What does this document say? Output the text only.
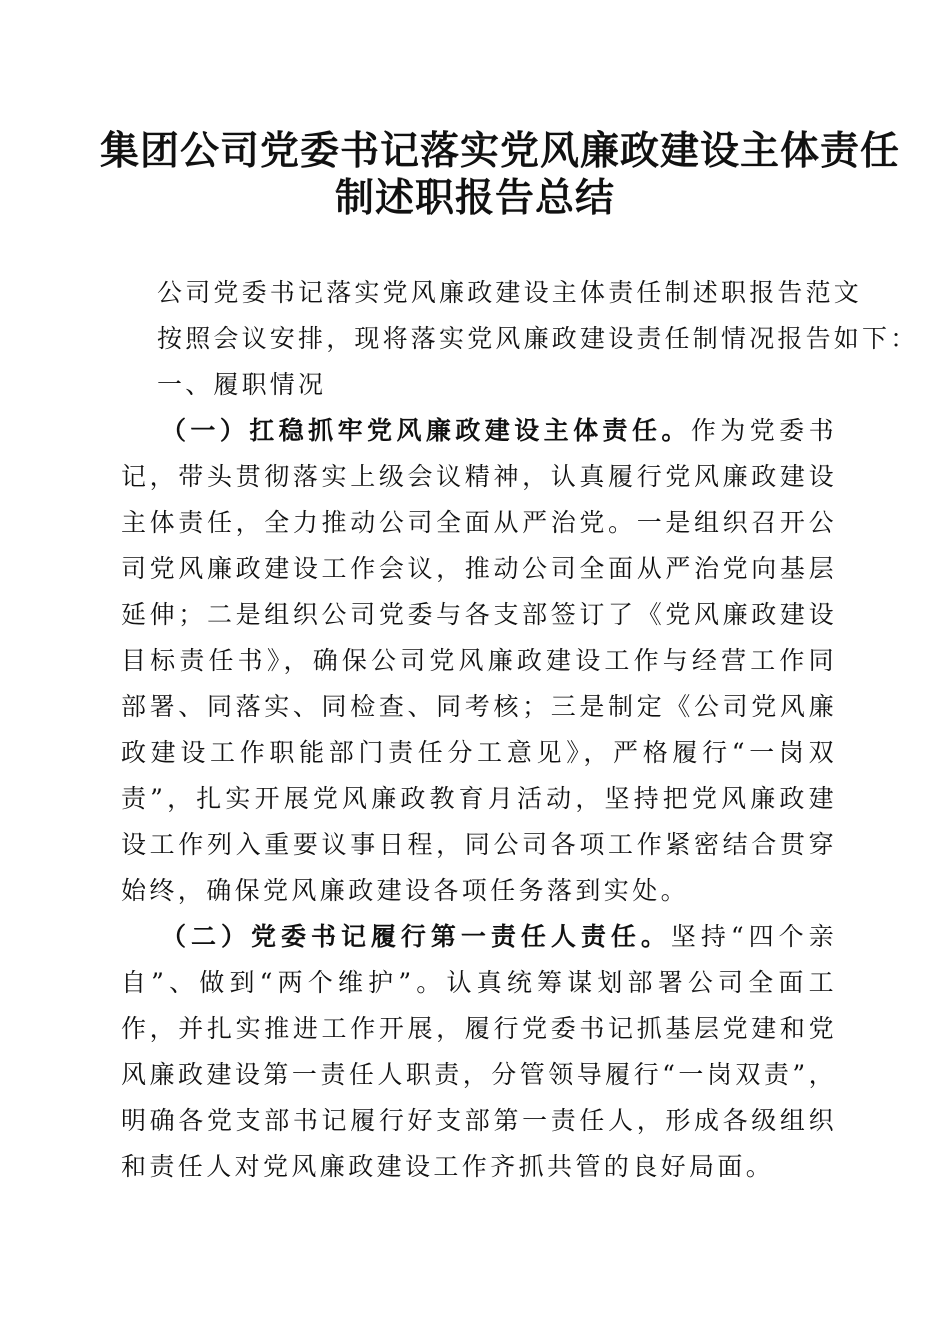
集团公司党委书记落实党风廉政建设主体责任
制述职报告总结

公司党委书记落实党风廉政建设主体责任制述职报告范文

按照会议安排，现将落实党风廉政建设责任制情况报告如下：

一、履职情况

（一）扛稳抓牢党风廉政建设主体责任。作为党委书记，带头贯彻落实上级会议精神，认真履行党风廉政建设主体责任，全力推动公司全面从严治党。一是组织召开公司党风廉政建设工作会议，推动公司全面从严治党向基层延伸；二是组织公司党委与各支部签订了《党风廉政建设目标责任书》，确保公司党风廉政建设工作与经营工作同部署、同落实、同检查、同考核；三是制定《公司党风廉政建设工作职能部门责任分工意见》，严格履行“一岗双责”，扎实开展党风廉政教育月活动，坚持把党风廉政建设工作列入重要议事日程，同公司各项工作紧密结合贯穿始终，确保党风廉政建设各项任务落到实处。

（二）党委书记履行第一责任人责任。坚持“四个亲自”、做到“两个维护”。认真统筹谋划部署公司全面工作，并扎实推进工作开展，履行党委书记抓基层党建和党风廉政建设第一责任人职责，分管领导履行“一岗双责”，明确各党支部书记履行好支部第一责任人，形成各级组织和责任人对党风廉政建设工作齐抓共管的良好局面。
